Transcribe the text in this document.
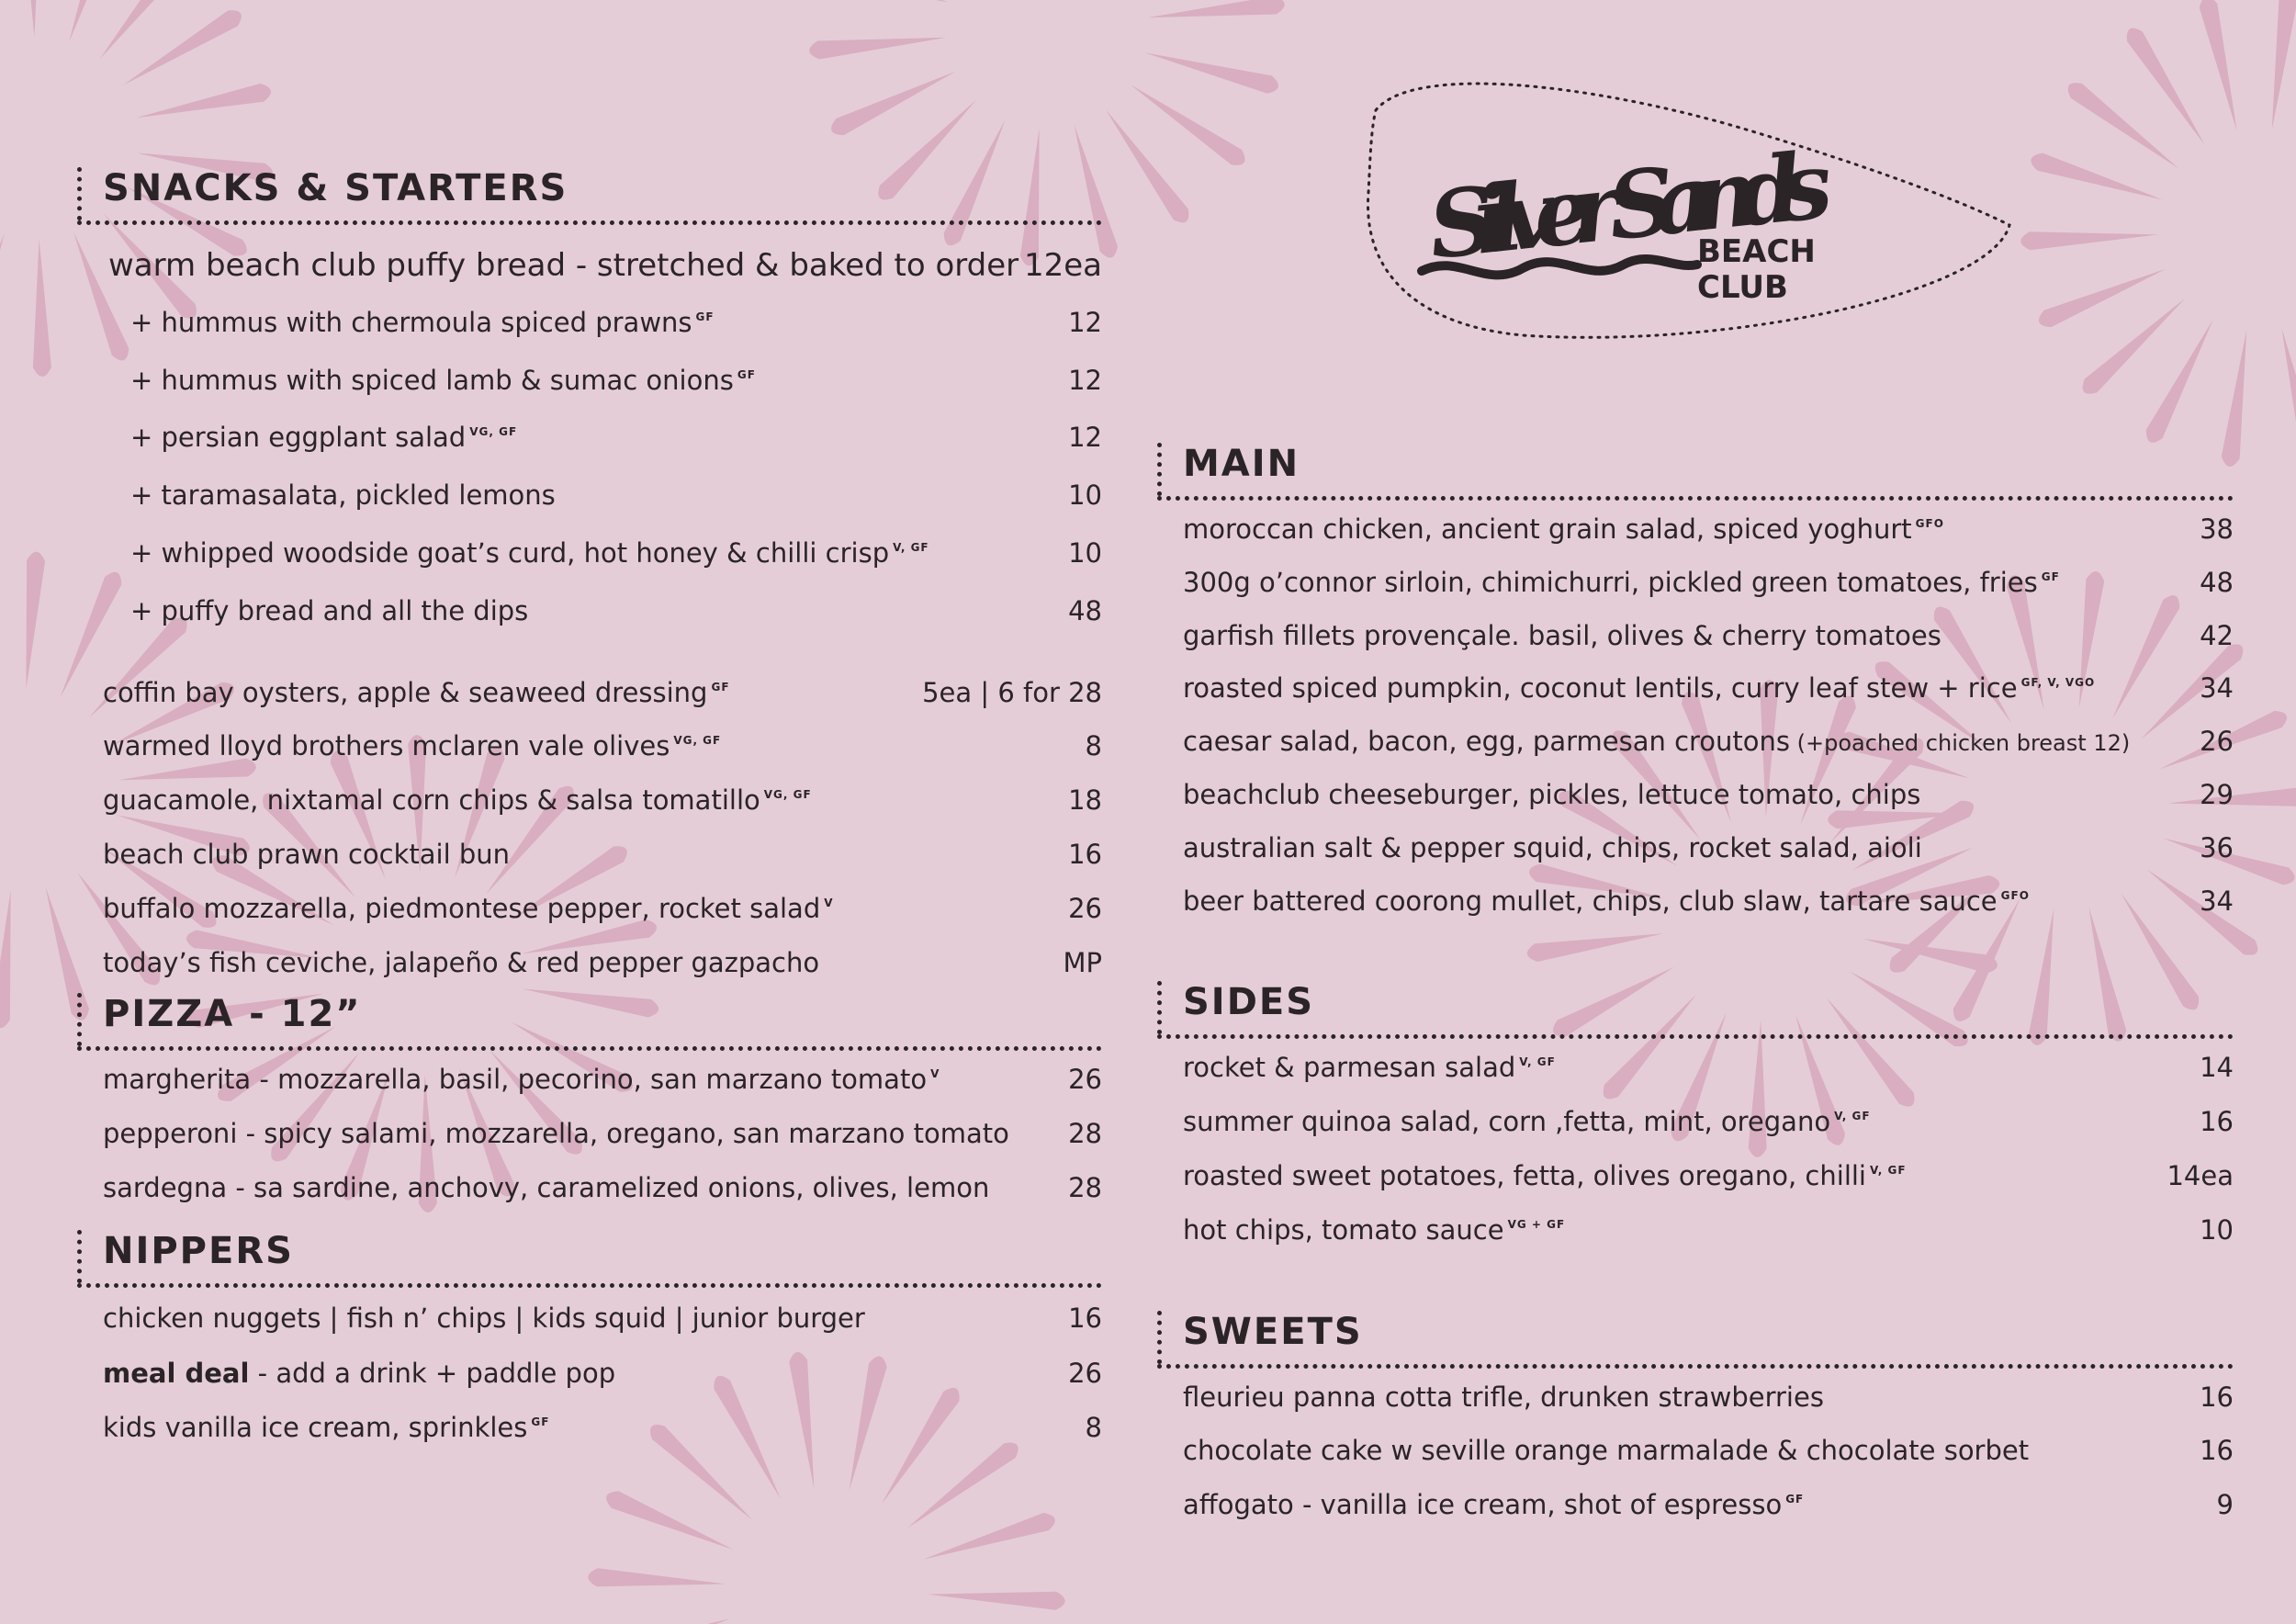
Silver Sands
BEACH
CLUB
SNACKS & STARTERS
warm beach club puffy bread - stretched & baked to order 12ea
+ hummus with chermoula spiced prawns $^{GF}$	12
+ hummus with spiced lamb & sumac onions $^{GF}$	12
+ persian eggplant salad $^{VG, GF}$	12
+ taramasalata, pickled lemons	10
+ whipped woodside goat’s curd, hot honey & chilli crisp $^{V, GF}$	10
+ puffy bread and all the dips	48
coffin bay oysters, apple & seaweed dressing $^{GF}$	5ea | 6 for 28
warmed lloyd brothers mclaren vale olives $^{VG, GF}$	8
guacamole, nixtamal corn chips & salsa tomatillo $^{VG, GF}$	18
beach club prawn cocktail bun	16
buffalo mozzarella, piedmontese pepper, rocket salad $^V$	26
today’s fish ceviche, jalapeño & red pepper gazpacho	MP
PIZZA - 12”
margherita - mozzarella, basil, pecorino, san marzano tomato $^V$	26
pepperoni - spicy salami, mozzarella, oregano, san marzano tomato 28
sardegna - sa sardine, anchovy, caramelized onions, olives, lemon	28
NIPPERS
chicken nuggets | fish n’ chips | kids squid | junior burger	16
meal deal - add a drink + paddle pop	26
kids vanilla ice cream, sprinkles $^{GF}$	8
MAIN
moroccan chicken, ancient grain salad, spiced yoghurt $^{GFO}$	38
300g o’connor sirloin, chimichurri, pickled green tomatoes, fries $^{GF}$	48
garfish fillets provençale. basil, olives & cherry tomatoes	42
roasted spiced pumpkin, coconut lentils, curry leaf stew + rice $^{GF, V, VGO}$	34
caesar salad, bacon, egg, parmesan croutons (+poached chicken breast 12)	26
beachclub cheeseburger, pickles, lettuce tomato, chips	29
australian salt & pepper squid, chips, rocket salad, aioli	36
beer battered coorong mullet, chips, club slaw, tartare sauce $^{GFO}$	34
SIDES
rocket & parmesan salad $^{V, GF}$	14
summer quinoa salad, corn ,fetta, mint, oregano $^{V, GF}$	16
roasted sweet potatoes, fetta, olives oregano, chilli $^{V, GF}$	14ea
hot chips, tomato sauce $^{VG + GF}$	10
SWEETS
fleurieu panna cotta trifle, drunken strawberries	16
chocolate cake w seville orange marmalade & chocolate sorbet	16
affogato - vanilla ice cream, shot of espresso $^{GF}$	9
